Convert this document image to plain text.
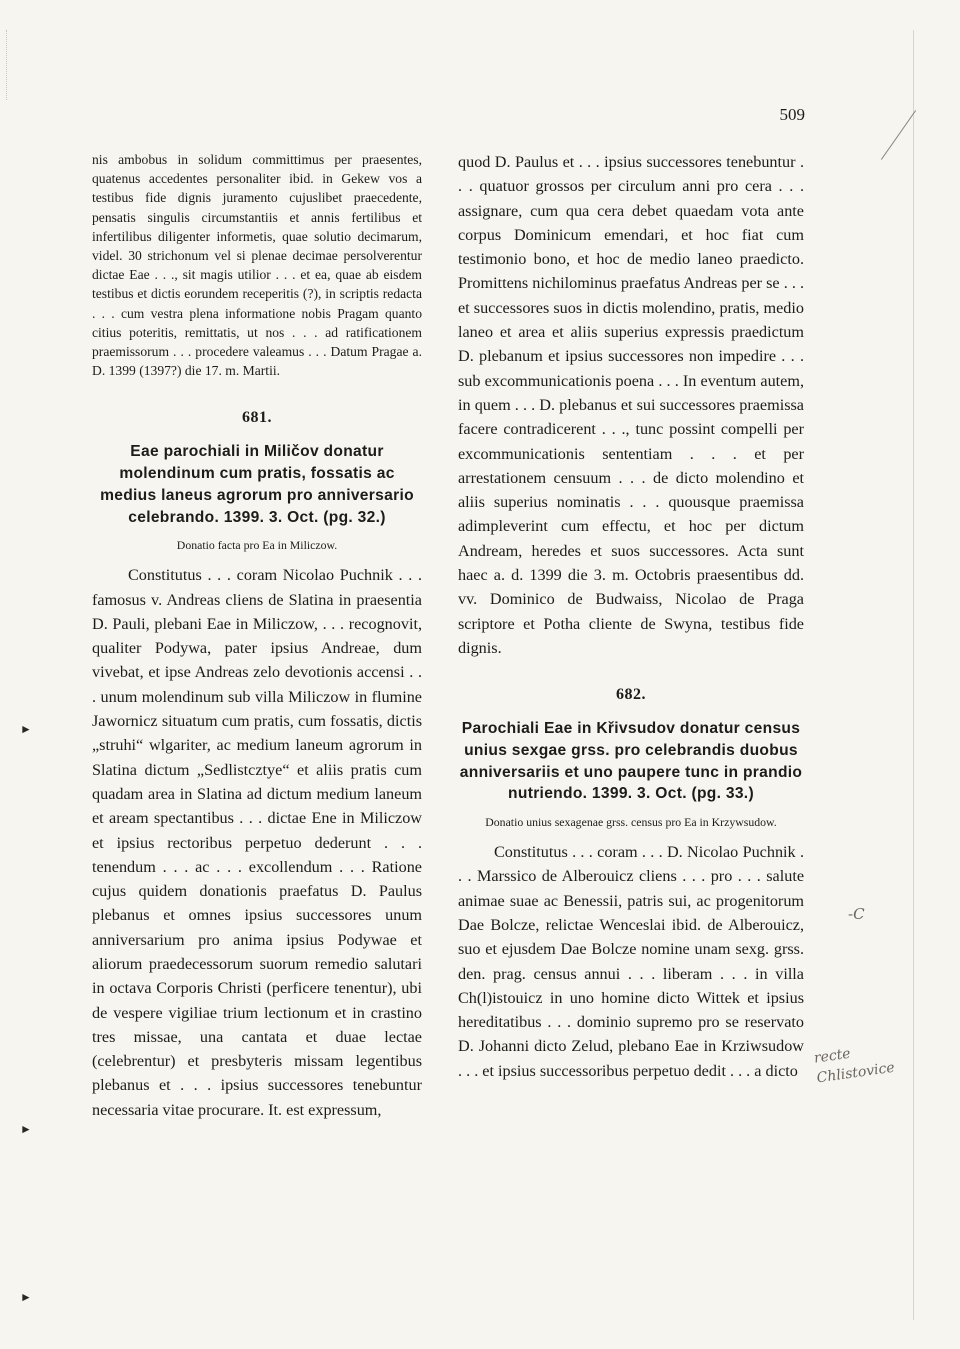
509

nis ambobus in solidum committimus per praesentes, quatenus accedentes personaliter ibid. in Gekew vos a testibus fide dignis juramento cujuslibet praecedente, pensatis singulis circumstantiis et annis fertilibus et infertilibus diligenter informetis, quae solutio decimarum, videl. 30 strichonum vel si plenae decimae persolverentur dictae Eae . . ., sit magis utilior . . . et ea, quae ab eisdem testibus et dictis eorundem receperitis (?), in scriptis redacta . . . cum vestra plena informatione nobis Pragam quanto citius poteritis, remittatis, ut nos . . . ad ratificationem praemissorum . . . procedere valeamus . . . Datum Pragae a. D. 1399 (1397?) die 17. m. Martii.

681.

Eae parochiali in Miličov donatur molendinum cum pratis, fossatis ac medius laneus agrorum pro anniversario celebrando. 1399. 3. Oct. (pg. 32.)

Donatio facta pro Ea in Miliczow.

Constitutus . . . coram Nicolao Puchnik . . . famosus v. Andreas cliens de Slatina in praesentia D. Pauli, plebani Eae in Miliczow, . . . recognovit, qualiter Podywa, pater ipsius Andreae, dum vivebat, et ipse Andreas zelo devotionis accensi . . . unum molendinum sub villa Miliczow in flumine Jawornicz situatum cum pratis, cum fossatis, dictis „struhi“ wlgariter, ac medium laneum agrorum in Slatina dictum „Sedlistcztye“ et aliis pratis cum quadam area in Slatina ad dictum medium laneum et aream spectantibus . . . dictae Ene in Miliczow et ipsius rectoribus perpetuo dederunt . . . tenendum . . . ac . . . excollendum . . . Ratione cujus quidem donationis praefatus D. Paulus plebanus et omnes ipsius successores unum anniversarium pro anima ipsius Podywae et aliorum praedecessorum suorum remedio salutari in octava Corporis Christi (perficere tenentur), ubi de vespere vigiliae trium lectionum et in crastino tres missae, una cantata et duae lectae (celebrentur) et presbyteris missam legentibus plebanus et . . . ipsius successores tenebuntur necessaria vitae procurare. It. est expressum,

quod D. Paulus et . . . ipsius successores tenebuntur . . . quatuor grossos per circulum anni pro cera . . . assignare, cum qua cera debet quaedam vota ante corpus Dominicum emendari, et hoc fiat cum testimonio bono, et hoc de medio laneo praedicto. Promittens nichilominus praefatus Andreas per se . . . et successores suos in dictis molendino, pratis, medio laneo et area et aliis superius expressis praedictum D. plebanum et ipsius successores non impedire . . . sub excommunicationis poena . . . In eventum autem, in quem . . . D. plebanus et sui successores praemissa facere contradicerent . . ., tunc possint compelli per excommunicationis sententiam . . . et per arrestationem censuum . . . de dicto molendino et aliis superius nominatis . . . quousque praemissa adimpleverint cum effectu, et hoc per dictum Andream, heredes et suos successores. Acta sunt haec a. d. 1399 die 3. m. Octobris praesentibus dd. vv. Dominico de Budwaiss, Nicolao de Praga scriptore et Potha cliente de Swyna, testibus fide dignis.

682.

Parochiali Eae in Křivsudov donatur census unius sexgae grss. pro celebrandis duobus anniversariis et uno paupere tunc in prandio nutriendo. 1399. 3. Oct. (pg. 33.)

Donatio unius sexagenae grss. census pro Ea in Krzywsudow.

Constitutus . . . coram . . . D. Nicolao Puchnik . . . Marssico de Alberouicz cliens . . . pro . . . salute animae suae ac Benessii, patris sui, ac progenitorum Dae Bolcze, relictae Wenceslai ibid. de Alberouicz, suo et ejusdem Dae Bolcze nomine unam sexg. grss. den. prag. census annui . . . liberam . . . in villa Ch(l)istouicz in uno homine dicto Wittek et ipsius hereditatibus . . . dominio supremo pro se reservato D. Johanni dicto Zelud, plebano Eae in Krziwsudow . . . et ipsius successoribus perpetuo dedit . . . a dicto

►
►
►
-C
recte Chlistovice
